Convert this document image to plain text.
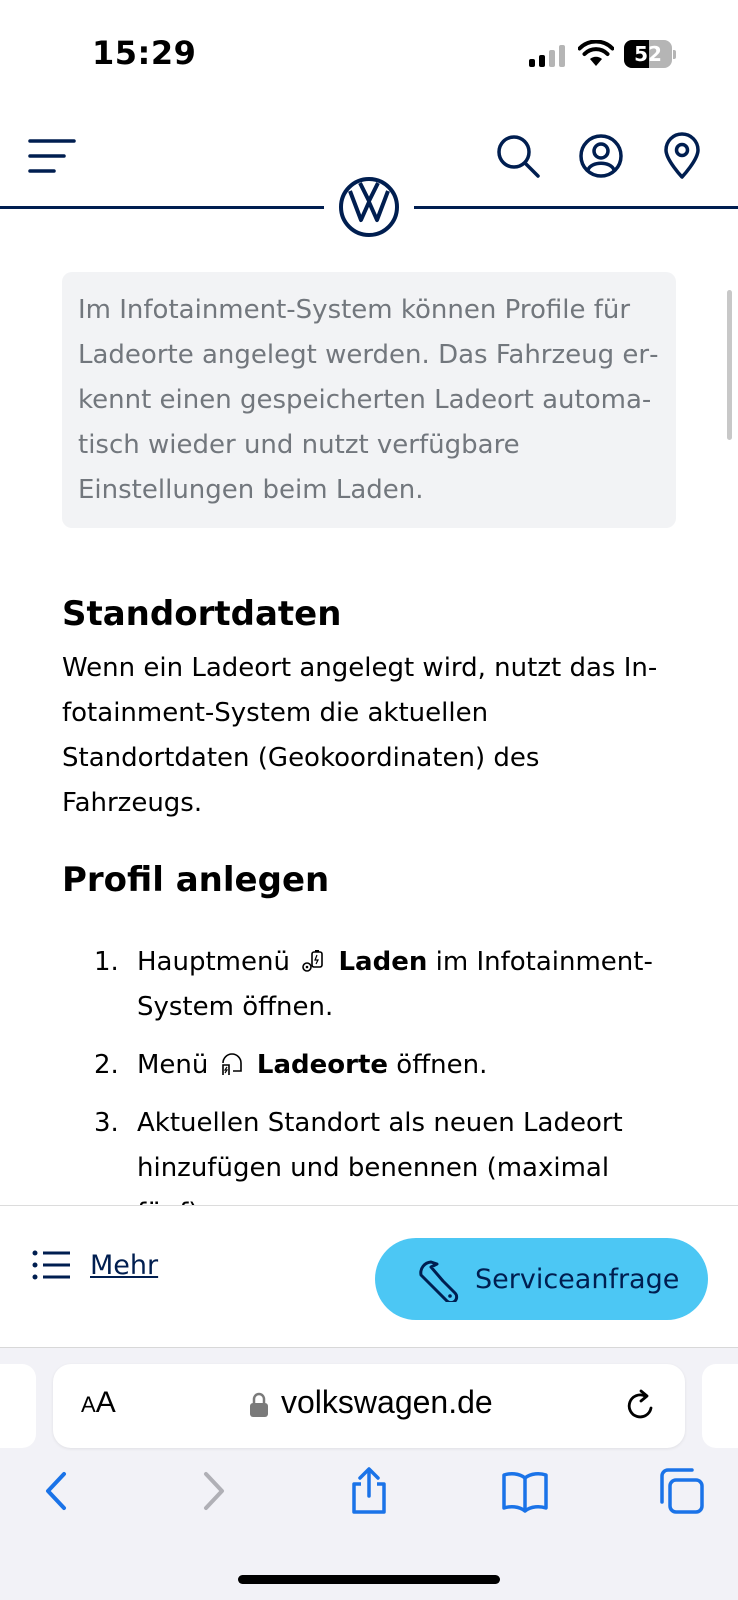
15:29	52

Im Infotainment-System können Profile für Ladeorte angelegt werden. Das Fahrzeug erkennt einen gespeicherten Ladeort automatisch wieder und nutzt verfügbare Einstellungen beim Laden.

Standortdaten

Wenn ein Ladeort angelegt wird, nutzt das Infotainment-System die aktuellen Standortdaten (Geokoordinaten) des Fahrzeugs.

Profil anlegen
1. Hauptmenü Laden im Infotainment-System öffnen.
2. Menü Ladeorte öffnen.
3. Aktuellen Standort als neuen Ladeort hinzufügen und benennen (maximal
Mehr	Serviceanfrage
AA	volkswagen.de
